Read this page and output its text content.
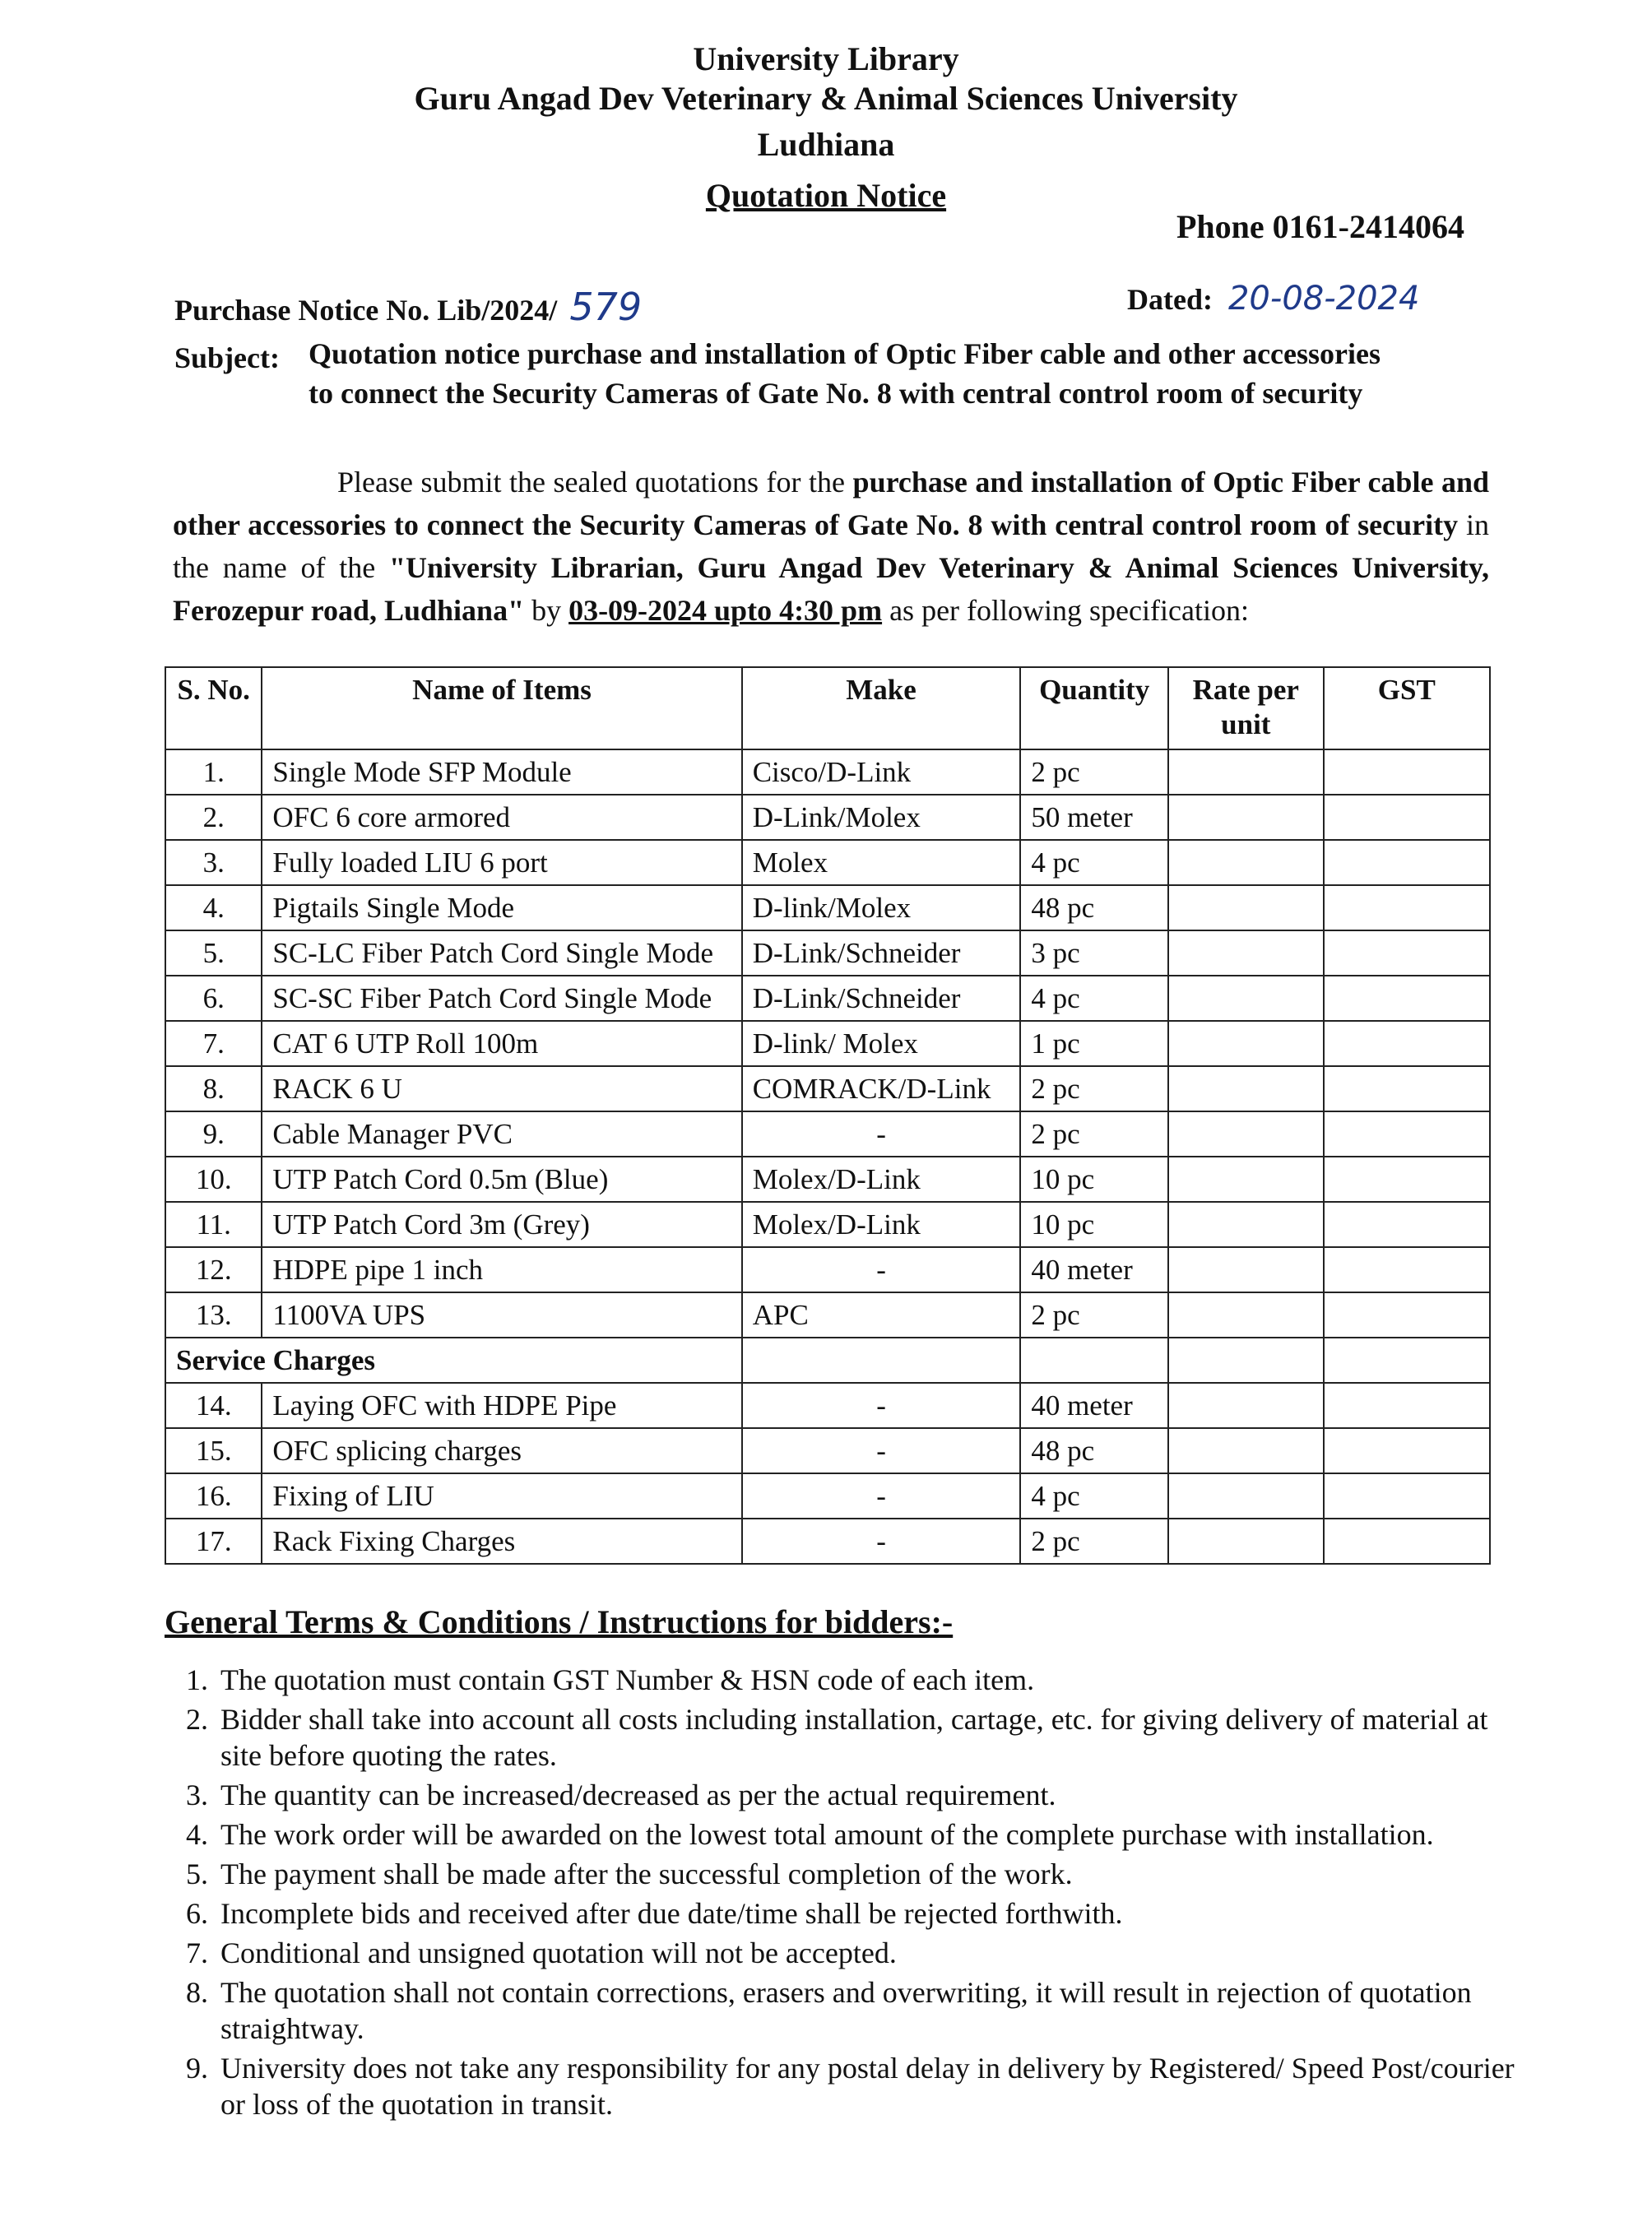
University Library
Guru Angad Dev Veterinary & Animal Sciences University
Ludhiana
Quotation Notice
Phone 0161-2414064
Purchase Notice No. Lib/2024/ 579	Dated: 20-08-2024
Subject: Quotation notice purchase and installation of Optic Fiber cable and other accessories
to connect the Security Cameras of Gate No. 8 with central control room of security
Please submit the sealed quotations for the purchase and installation of Optic Fiber cable and other accessories to connect the Security Cameras of Gate No. 8 with central control room of security in the name of the "University Librarian, Guru Angad Dev Veterinary & Animal Sciences University, Ferozepur road, Ludhiana" by 03-09-2024 upto 4:30 pm as per following specification:
S. No.	Name of Items	Make	Quantity	Rate per unit	GST
1.	Single Mode SFP Module	Cisco/D-Link	2 pc		
2.	OFC 6 core armored	D-Link/Molex	50 meter		
3.	Fully loaded LIU 6 port	Molex	4 pc		
4.	Pigtails Single Mode	D-link/Molex	48 pc		
5.	SC-LC Fiber Patch Cord Single Mode	D-Link/Schneider	3 pc		
6.	SC-SC Fiber Patch Cord Single Mode	D-Link/Schneider	4 pc		
7.	CAT 6 UTP Roll 100m	D-link/ Molex	1 pc		
8.	RACK 6 U	COMRACK/D-Link	2 pc		
9.	Cable Manager PVC	-	2 pc		
10.	UTP Patch Cord 0.5m (Blue)	Molex/D-Link	10 pc		
11.	UTP Patch Cord 3m (Grey)	Molex/D-Link	10 pc		
12.	HDPE pipe 1 inch	-	40 meter		
13.	1100VA UPS	APC	2 pc		
Service Charges					
14.	Laying OFC with HDPE Pipe	-	40 meter		
15.	OFC splicing charges	-	48 pc		
16.	Fixing of LIU	-	4 pc		
17.	Rack Fixing Charges	-	2 pc		
General Terms & Conditions / Instructions for bidders:-
1. The quotation must contain GST Number & HSN code of each item.
2. Bidder shall take into account all costs including installation, cartage, etc. for giving delivery of material at site before quoting the rates.
3. The quantity can be increased/decreased as per the actual requirement.
4. The work order will be awarded on the lowest total amount of the complete purchase with installation.
5. The payment shall be made after the successful completion of the work.
6. Incomplete bids and received after due date/time shall be rejected forthwith.
7. Conditional and unsigned quotation will not be accepted.
8. The quotation shall not contain corrections, erasers and overwriting, it will result in rejection of quotation straightway.
9. University does not take any responsibility for any postal delay in delivery by Registered/ Speed Post/courier or loss of the quotation in transit.
